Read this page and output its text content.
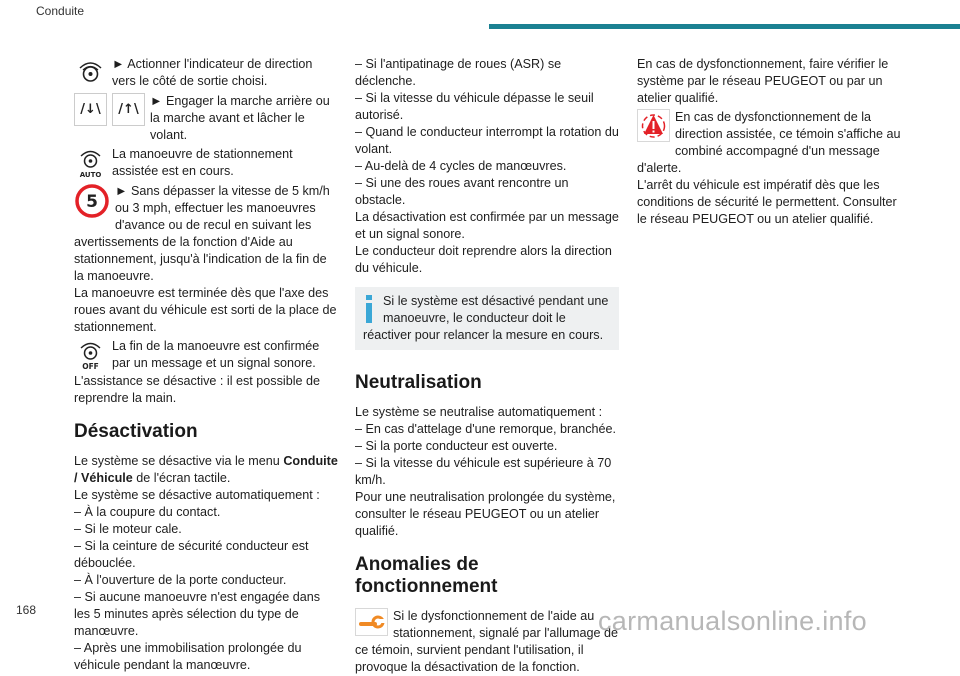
Conduite

► Actionner l'indicateur de direction vers le côté de sortie choisi.

/↓\ /↑\

► Engager la marche arrière ou la marche avant et lâcher le volant.

AUTO

La manoeuvre de stationnement assistée est en cours.

5

► Sans dépasser la vitesse de 5 km/h ou 3 mph, effectuer les manoeuvres d'avance ou de recul en suivant les avertissements de la fonction d'Aide au stationnement, jusqu'à l'indication de la fin de la manoeuvre.

La manoeuvre est terminée dès que l'axe des roues avant du véhicule est sorti de la place de stationnement.

OFF

La fin de la manoeuvre est confirmée par un message et un signal sonore.

L'assistance se désactive : il est possible de reprendre la main.

Désactivation

Le système se désactive via le menu Conduite / Véhicule de l'écran tactile.

Le système se désactive automatiquement :

– À la coupure du contact.

– Si le moteur cale.

– Si la ceinture de sécurité conducteur est débouclée.

– À l'ouverture de la porte conducteur.

– Si aucune manoeuvre n'est engagée dans les 5 minutes après sélection du type de manœuvre.

– Après une immobilisation prolongée du véhicule pendant la manœuvre.

– Si l'antipatinage de roues (ASR) se déclenche.

– Si la vitesse du véhicule dépasse le seuil autorisé.

– Quand le conducteur interrompt la rotation du volant.

– Au-delà de 4 cycles de manœuvres.

– Si une des roues avant rencontre un obstacle.

La désactivation est confirmée par un message et un signal sonore.

Le conducteur doit reprendre alors la direction du véhicule.

Si le système est désactivé pendant une manoeuvre, le conducteur doit le réactiver pour relancer la mesure en cours.

Neutralisation

Le système se neutralise automatiquement :

– En cas d'attelage d'une remorque, branchée.

– Si la porte conducteur est ouverte.

– Si la vitesse du véhicule est supérieure à 70 km/h.

Pour une neutralisation prolongée du système, consulter le réseau PEUGEOT ou un atelier qualifié.

Anomalies de fonctionnement

Si le dysfonctionnement de l'aide au stationnement, signalé par l'allumage de ce témoin, survient pendant l'utilisation, il provoque la désactivation de la fonction.

En cas de dysfonctionnement, faire vérifier le système par le réseau PEUGEOT ou par un atelier qualifié.

En cas de dysfonctionnement de la direction assistée, ce témoin s'affiche au combiné accompagné d'un message d'alerte.

L'arrêt du véhicule est impératif dès que les conditions de sécurité le permettent. Consulter le réseau PEUGEOT ou un atelier qualifié.

168	carmanualsonline.info
